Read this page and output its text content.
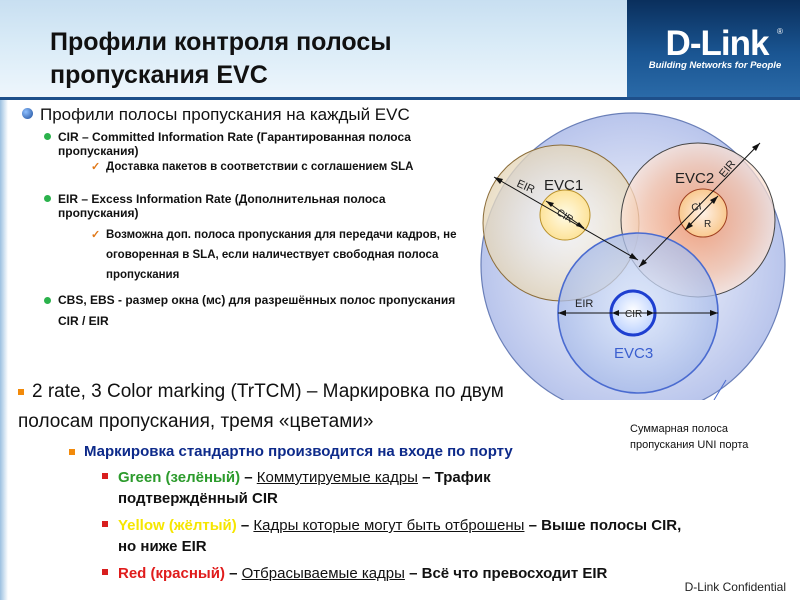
Профили контроля полосы пропускания EVC
D-Link	®
Building Networks for People
Профили полосы пропускания на каждый EVC
CIR – Committed Information Rate (Гарантированная полоса пропускания)
✓ Доставка пакетов в соответствии с соглашением SLA
EIR – Excess Information Rate (Дополнительная полоса пропускания)
✓ Возможна доп. полоса пропускания для передачи кадров, не оговоренная в SLA, если наличествует свободная полоса пропускания
CBS, EBS - размер окна (мс) для разрешённых полос пропускания CIR / EIR
2 rate, 3 Color marking (TrTCM) – Маркировка по двум
полосам пропускания, тремя «цветами»
Маркировка стандартно производится на входе по порту
Green (зелёный) – Коммутируемые кадры – Трафик подтверждённый CIR
Yellow (жёлтый) – Кадры которые могут быть отброшены – Выше полосы CIR, но ниже EIR
Red (красный) – Отбрасываемые кадры – Всё что превосходит EIR
EVC1	EVC2
EVC3
EIR
CIR
EIR
CI
R
EIR
CIR
Суммарная полоса пропускания UNI порта
D-Link Confidential
